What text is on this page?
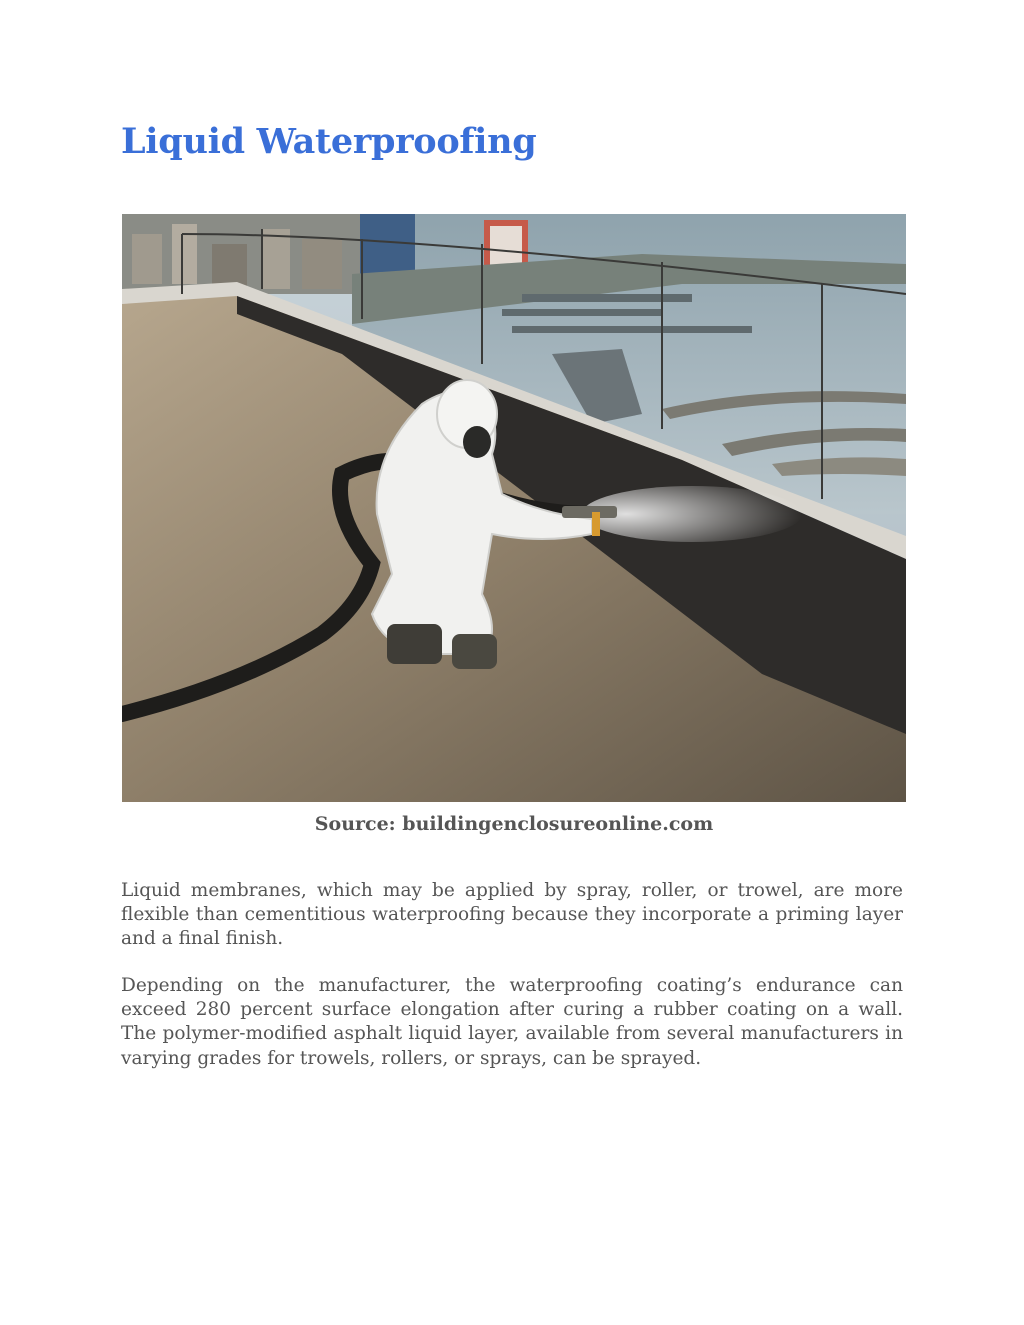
Liquid Waterproofing

Source: buildingenclosureonline.com

Liquid membranes, which may be applied by spray, roller, or trowel, are more flexible than cementitious waterproofing because they incorporate a priming layer and a final finish.

Depending on the manufacturer, the waterproofing coating’s endurance can exceed 280 percent surface elongation after curing a rubber coating on a wall. The polymer-modified asphalt liquid layer, available from several manufacturers in varying grades for trowels, rollers, or sprays, can be sprayed.
